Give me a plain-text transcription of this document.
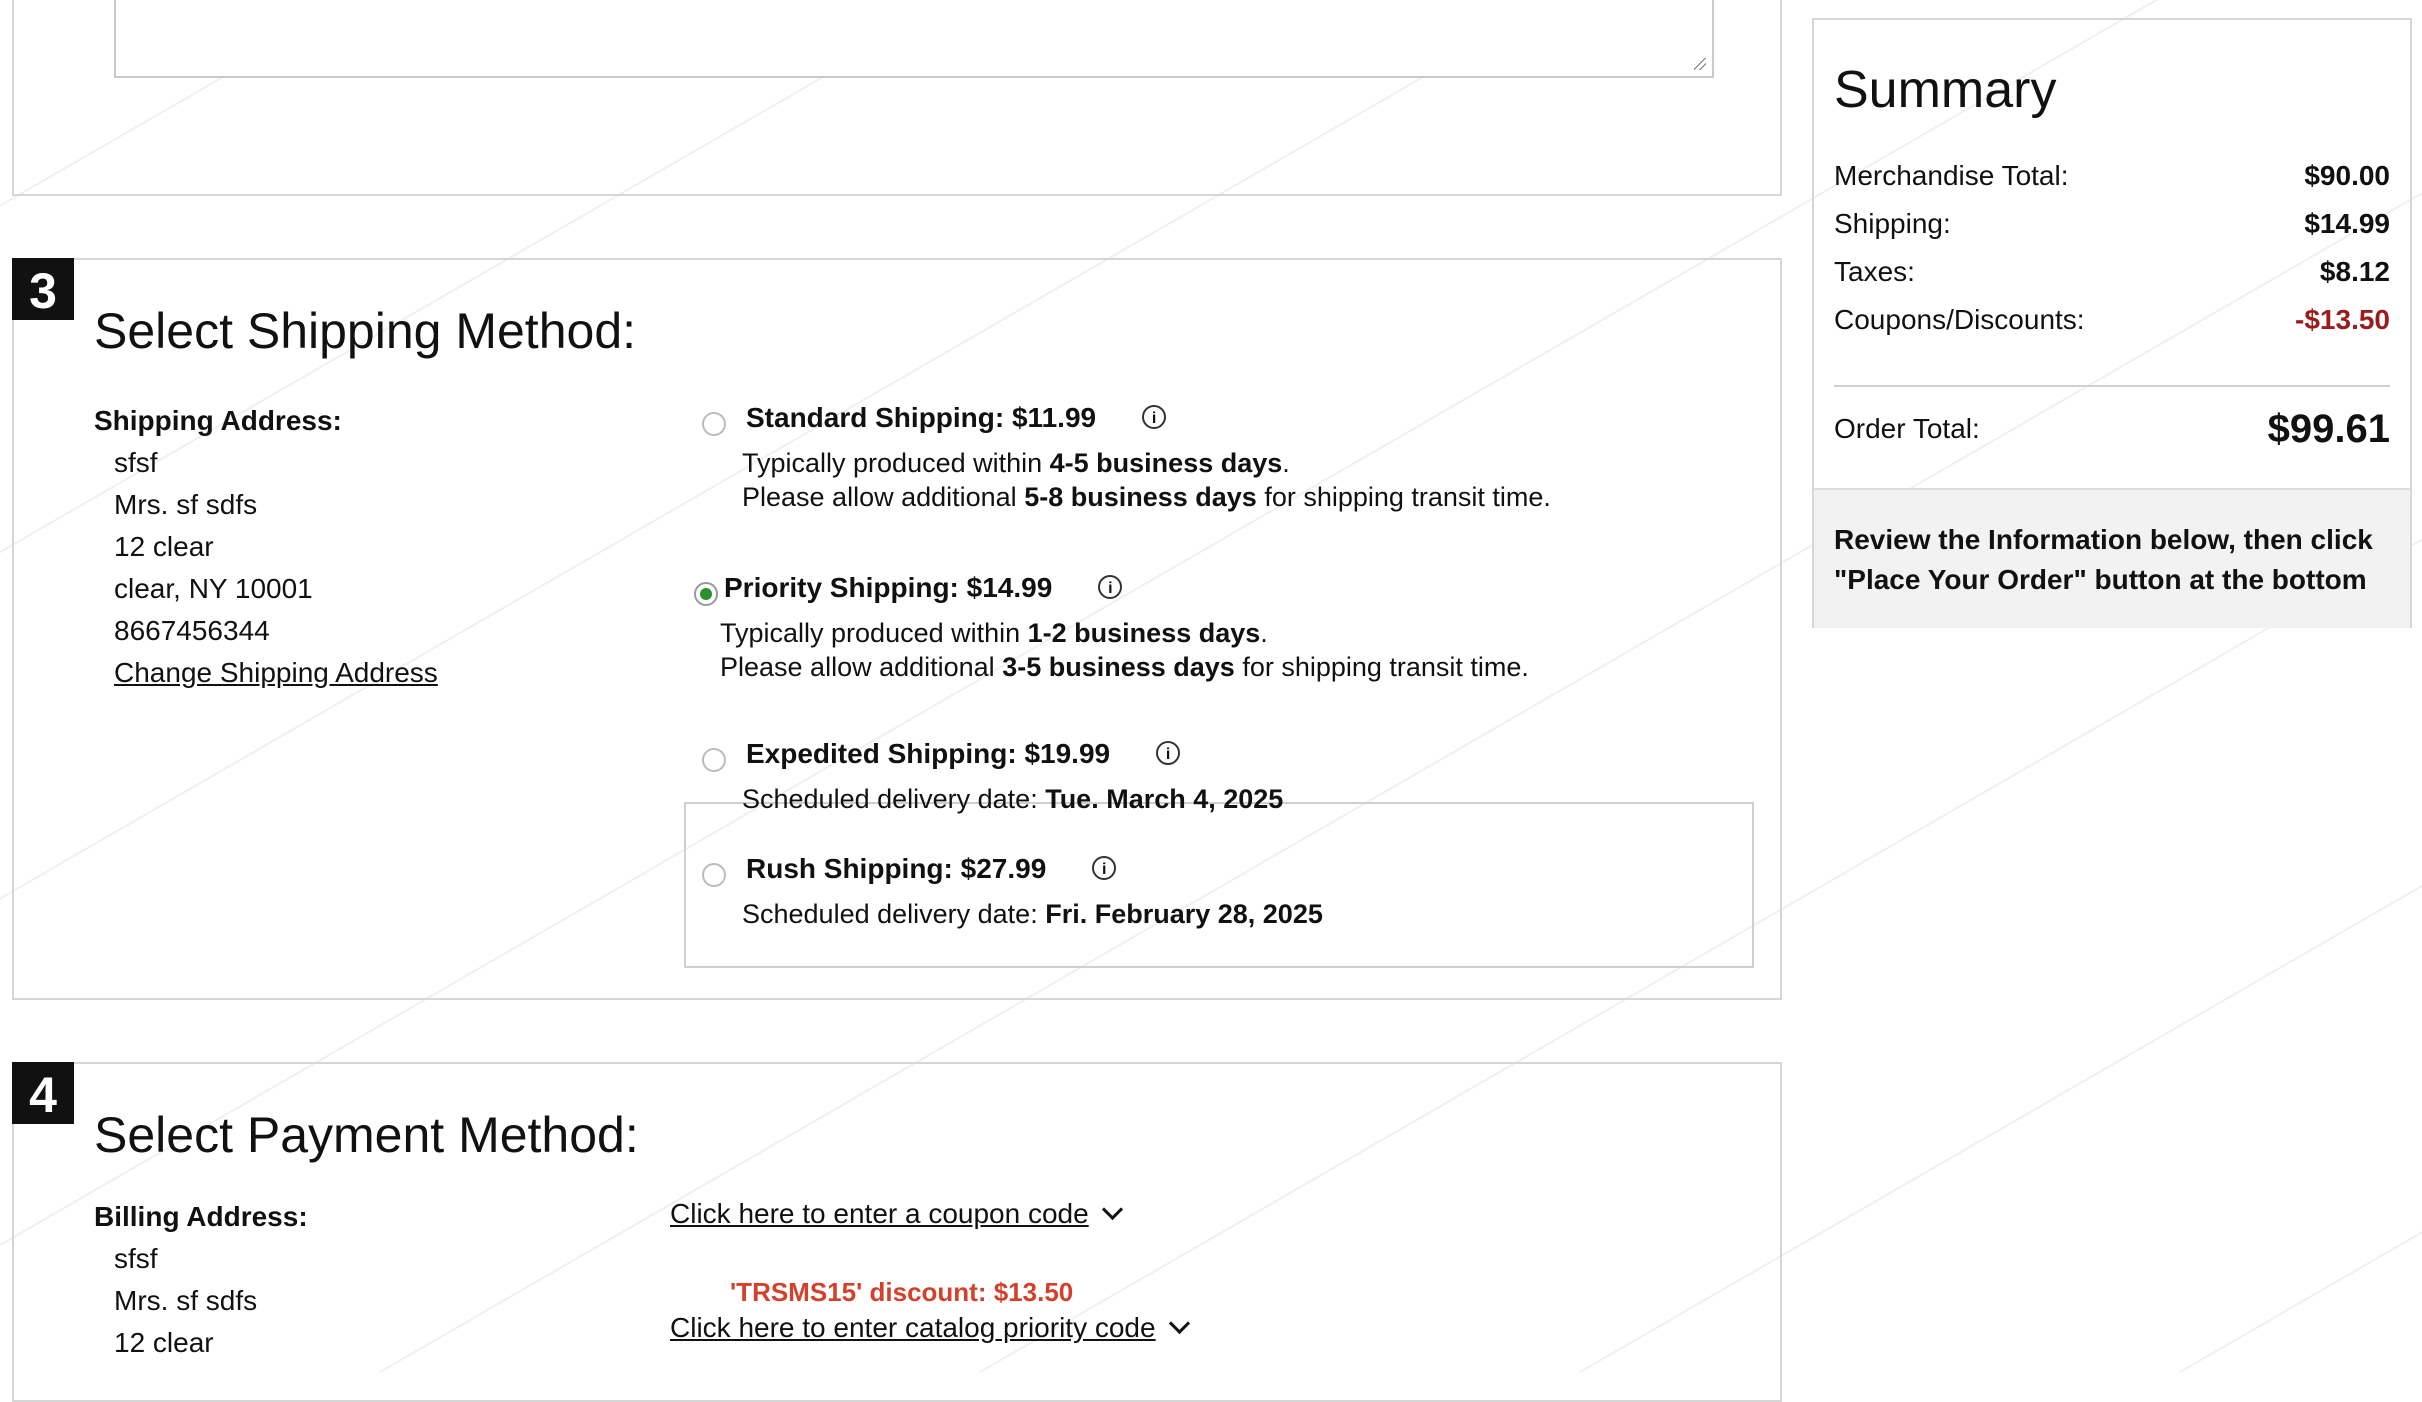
3
Select Shipping Method:
Shipping Address:
sfsf
Mrs. sf sdfs
12 clear
clear, NY 10001
8667456344
Change Shipping Address
Standard Shipping: $11.99	i
Typically produced within 4-5 business days.
Please allow additional 5-8 business days for shipping transit time.
Priority Shipping: $14.99	i
Typically produced within 1-2 business days.
Please allow additional 3-5 business days for shipping transit time.
Expedited Shipping: $19.99	i
Scheduled delivery date: Tue. March 4, 2025
Rush Shipping: $27.99	i
Scheduled delivery date: Fri. February 28, 2025
4
Select Payment Method:
Billing Address:
sfsf
Mrs. sf sdfs
12 clear
Click here to enter a coupon code
'TRSMS15' discount: $13.50
Click here to enter catalog priority code
Summary
Merchandise Total:	$90.00
Shipping:	$14.99
Taxes:	$8.12
Coupons/Discounts:	-$13.50
Order Total:	$99.61
Review the Information below, then click "Place Your Order" button at the bottom
